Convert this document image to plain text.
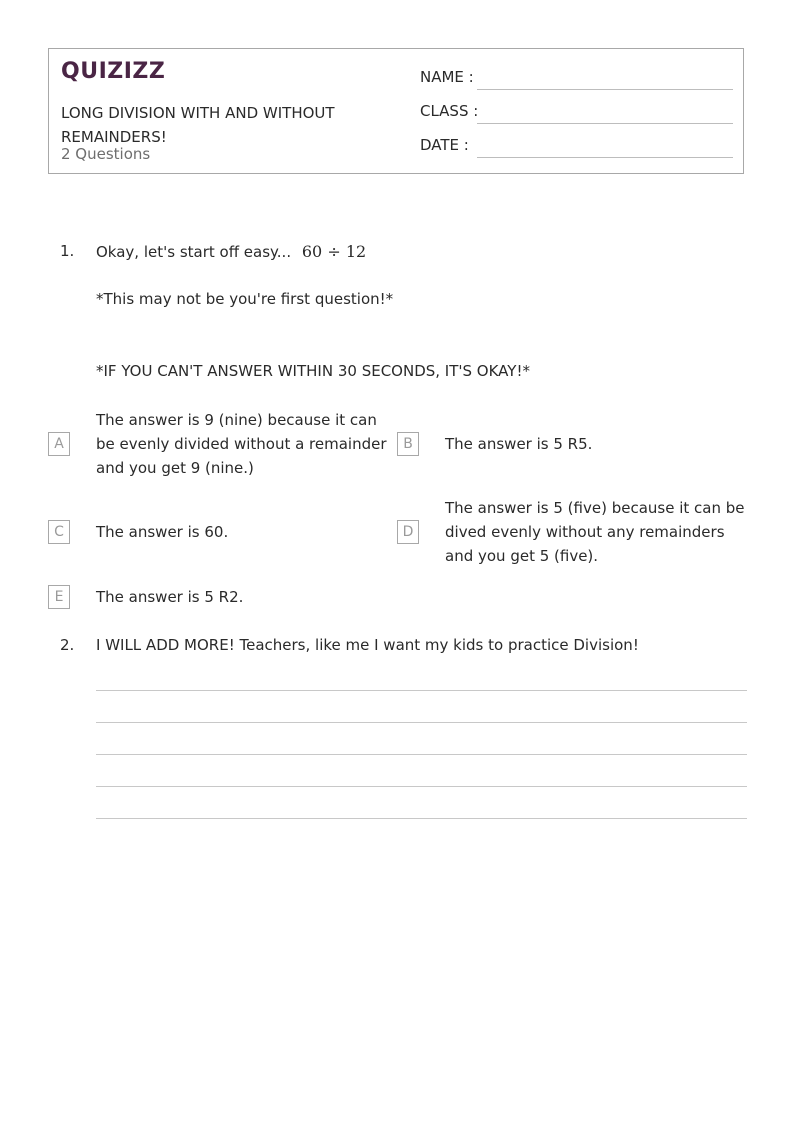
QUIZIZZ
LONG DIVISION WITH AND WITHOUT REMAINDERS!
2 Questions
NAME :
CLASS :
DATE :
1. Okay, let's start off easy... 60 ÷ 12
*This may not be you're first question!*
*IF YOU CAN'T ANSWER WITHIN 30 SECONDS, IT'S OKAY!*
A
The answer is 9 (nine) because it can be evenly divided without a remainder and you get 9 (nine.)
B	The answer is 5 R5.
C	The answer is 60.	D
The answer is 5 (five) because it can be dived evenly without any remainders and you get 5 (five).
E	The answer is 5 R2.
2. I WILL ADD MORE! Teachers, like me I want my kids to practice Division!
